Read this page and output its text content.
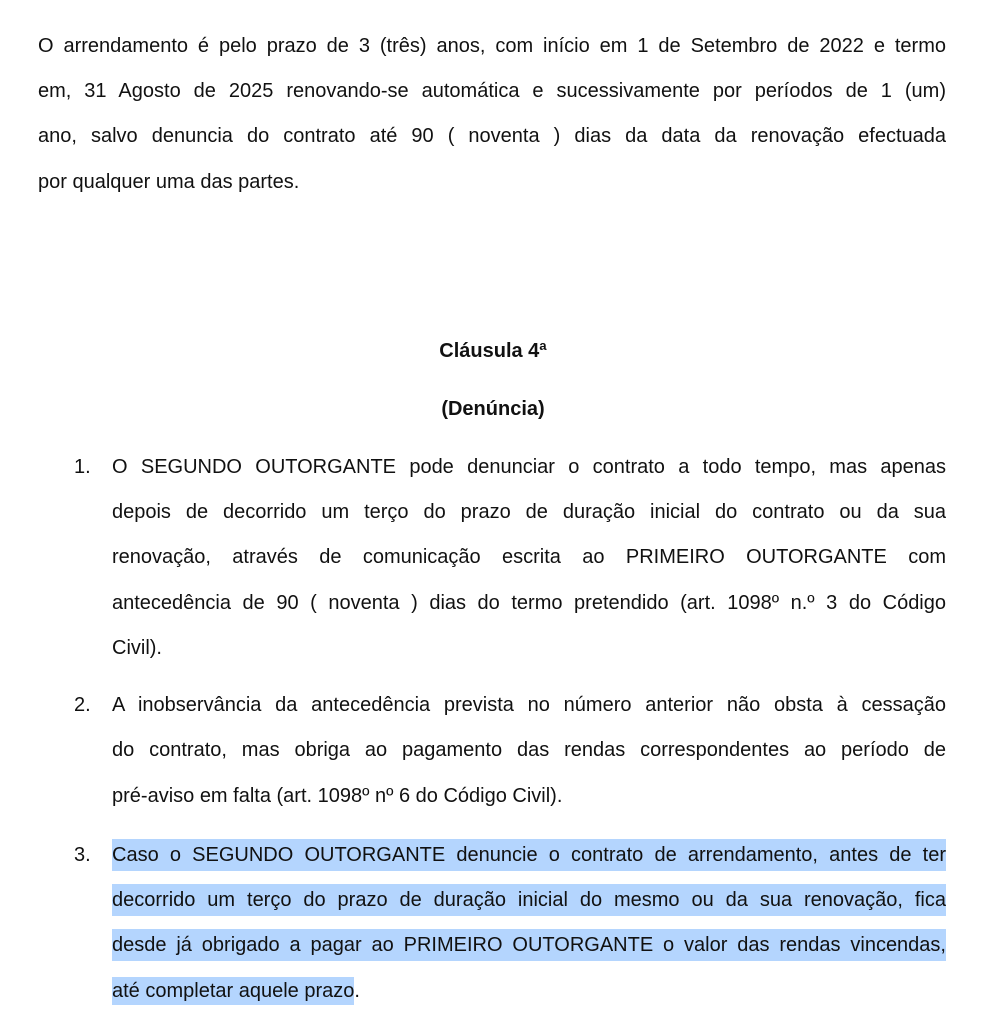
O arrendamento é pelo prazo de 3 (três) anos, com início em 1 de Setembro de 2022 e termo
em, 31 Agosto de 2025 renovando-se automática e sucessivamente por períodos de 1 (um)
ano, salvo denuncia do contrato até 90 ( noventa ) dias da data da renovação efectuada
por qualquer uma das partes.
Cláusula 4ª
(Denúncia)
1. O SEGUNDO OUTORGANTE pode denunciar o contrato a todo tempo, mas apenas
depois de decorrido um terço do prazo de duração inicial do contrato ou da sua
renovação, através de comunicação escrita ao PRIMEIRO OUTORGANTE com
antecedência de 90 ( noventa ) dias do termo pretendido (art. 1098º n.º 3 do Código
Civil).
2. A inobservância da antecedência prevista no número anterior não obsta à cessação
do contrato, mas obriga ao pagamento das rendas correspondentes ao período de
pré-aviso em falta (art. 1098º nº 6 do Código Civil).
3. Caso o SEGUNDO OUTORGANTE denuncie o contrato de arrendamento, antes de ter
decorrido um terço do prazo de duração inicial do mesmo ou da sua renovação, fica
desde já obrigado a pagar ao PRIMEIRO OUTORGANTE o valor das rendas vincendas,
até completar aquele prazo.
